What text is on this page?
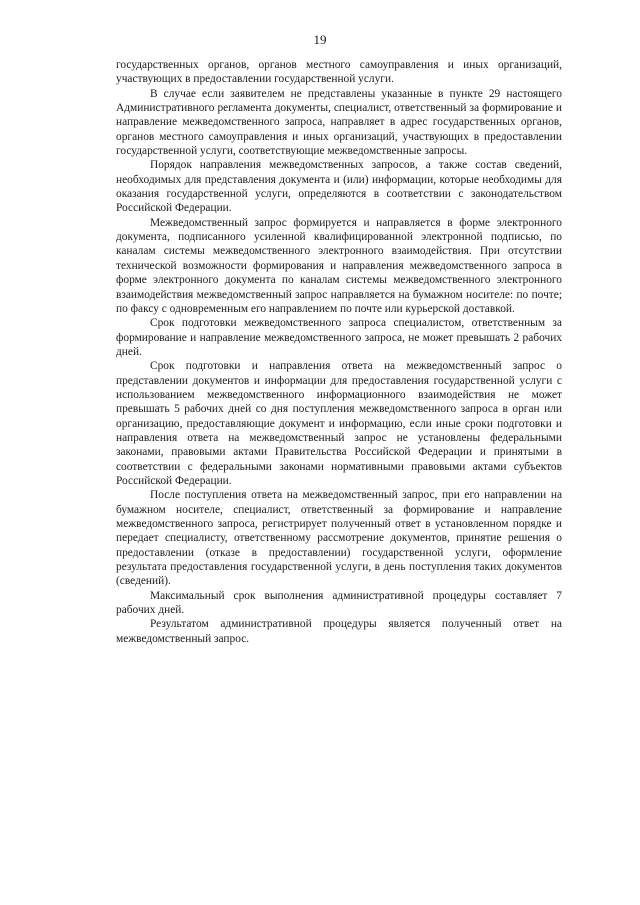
19

государственных органов, органов местного самоуправления и иных организаций, участвующих в предоставлении государственной услуги.

В случае если заявителем не представлены указанные в пункте 29 настоящего Административного регламента документы, специалист, ответственный за формирование и направление межведомственного запроса, направляет в адрес государственных органов, органов местного самоуправления и иных организаций, участвующих в предоставлении государственной услуги, соответствующие межведомственные запросы.

Порядок направления межведомственных запросов, а также состав сведений, необходимых для представления документа и (или) информации, которые необходимы для оказания государственной услуги, определяются в соответствии с законодательством Российской Федерации.

Межведомственный запрос формируется и направляется в форме электронного документа, подписанного усиленной квалифицированной электронной подписью, по каналам системы межведомственного электронного взаимодействия. При отсутствии технической возможности формирования и направления межведомственного запроса в форме электронного документа по каналам системы межведомственного электронного взаимодействия межведомственный запрос направляется на бумажном носителе: по почте; по факсу с одновременным его направлением по почте или курьерской доставкой.

Срок подготовки межведомственного запроса специалистом, ответственным за формирование и направление межведомственного запроса, не может превышать 2 рабочих дней.

Срок подготовки и направления ответа на межведомственный запрос о представлении документов и информации для предоставления государственной услуги с использованием межведомственного информационного взаимодействия не может превышать 5 рабочих дней со дня поступления межведомственного запроса в орган или организацию, предоставляющие документ и информацию, если иные сроки подготовки и направления ответа на межведомственный запрос не установлены федеральными законами, правовыми актами Правительства Российской Федерации и принятыми в соответствии с федеральными законами нормативными правовыми актами субъектов Российской Федерации.

После поступления ответа на межведомственный запрос, при его направлении на бумажном носителе, специалист, ответственный за формирование и направление межведомственного запроса, регистрирует полученный ответ в установленном порядке и передает специалисту, ответственному рассмотрение документов, принятие решения о предоставлении (отказе в предоставлении) государственной услуги, оформление результата предоставления государственной услуги, в день поступления таких документов (сведений).

Максимальный срок выполнения административной процедуры составляет 7 рабочих дней.

Результатом административной процедуры является полученный ответ на межведомственный запрос.
